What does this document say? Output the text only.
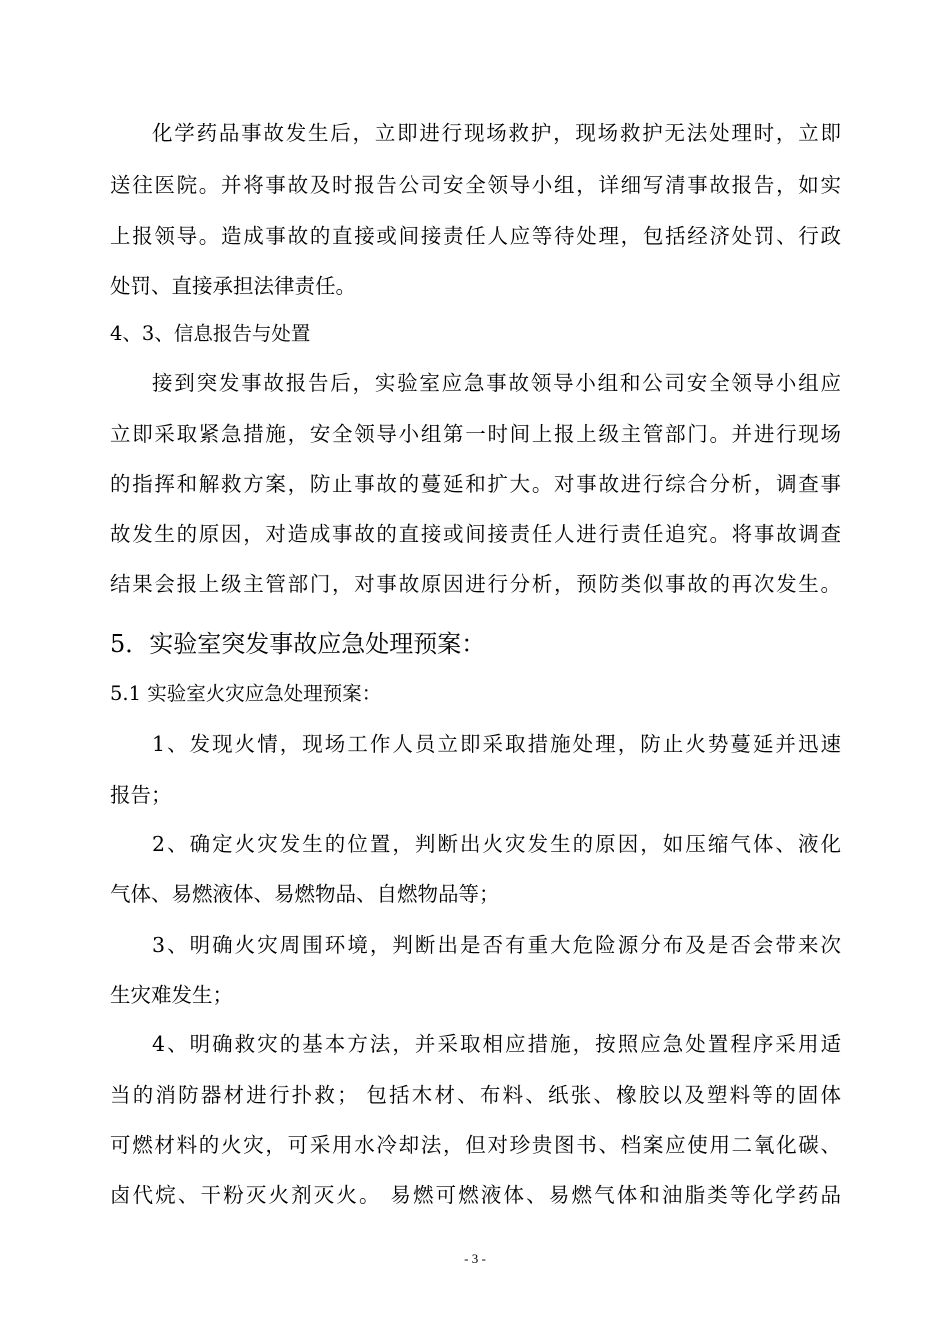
化学药品事故发生后，立即进行现场救护，现场救护无法处理时，立即
送往医院。并将事故及时报告公司安全领导小组，详细写清事故报告，如实
上报领导。造成事故的直接或间接责任人应等待处理，包括经济处罚、行政
处罚、直接承担法律责任。
4、3、信息报告与处置
接到突发事故报告后，实验室应急事故领导小组和公司安全领导小组应
立即采取紧急措施，安全领导小组第一时间上报上级主管部门。并进行现场
的指挥和解救方案，防止事故的蔓延和扩大。对事故进行综合分析，调查事
故发生的原因，对造成事故的直接或间接责任人进行责任追究。将事故调查
结果会报上级主管部门，对事故原因进行分析，预防类似事故的再次发生。
5．实验室突发事故应急处理预案：
5.1 实验室火灾应急处理预案：
1、发现火情，现场工作人员立即采取措施处理，防止火势蔓延并迅速
报告；
2、确定火灾发生的位置，判断出火灾发生的原因，如压缩气体、液化
气体、易燃液体、易燃物品、自燃物品等；
3、明确火灾周围环境，判断出是否有重大危险源分布及是否会带来次
生灾难发生；
4、明确救灾的基本方法，并采取相应措施，按照应急处置程序采用适
当的消防器材进行扑救； 包括木材、布料、纸张、橡胶以及塑料等的固体
可燃材料的火灾，可采用水冷却法，但对珍贵图书、档案应使用二氧化碳、
卤代烷、干粉灭火剂灭火。 易燃可燃液体、易燃气体和油脂类等化学药品
- 3 -
